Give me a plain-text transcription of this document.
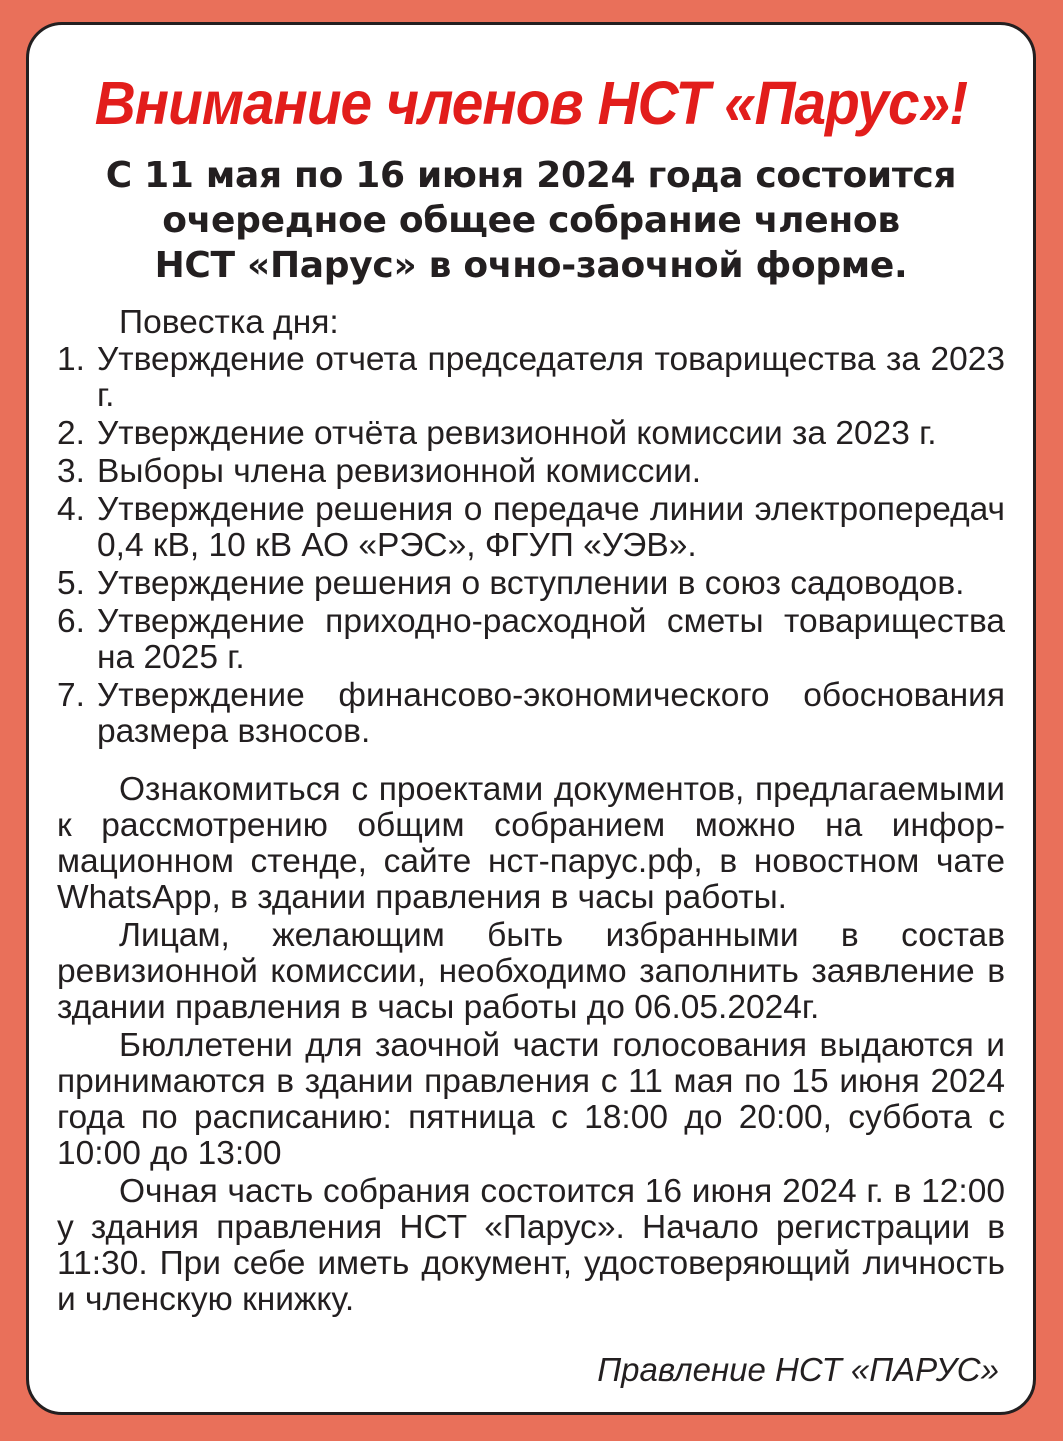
Внимание членов НСТ «Парус»!
С 11 мая по 16 июня 2024 года состоится
очередное общее собрание членов
НСТ «Парус» в очно-заочной форме.
Повестка дня:
1. Утверждение отчета председателя товарищества за 2023 г.
2. Утверждение отчёта ревизионной комиссии за 2023 г.
3. Выборы члена ревизионной комиссии.
4. Утверждение решения о передаче линии электропередач 0,4 кВ, 10 кВ АО «РЭС», ФГУП «УЭВ».
5. Утверждение решения о вступлении в союз садоводов.
6. Утверждение приходно-расходной сметы товарищества на 2025 г.
7. Утверждение финансово-экономического обоснования размера взносов.

Ознакомиться с проектами документов, предлагаемыми к рассмотрению общим собранием можно на информационном стенде, сайте нст-парус.рф, в новостном чате WhatsApp, в здании правления в часы работы.

Лицам, желающим быть избранными в состав ревизионной комиссии, необходимо заполнить заявление в здании правления в часы работы до 06.05.2024г.

Бюллетени для заочной части голосования выдаются и принимаются в здании правления с 11 мая по 15 июня 2024 года по расписанию: пятница с 18:00 до 20:00, суббота с 10:00 до 13:00

Очная часть собрания состоится 16 июня 2024 г. в 12:00 у здания правления НСТ «Парус». Начало регистрации в 11:30. При себе иметь документ, удостоверяющий личность и членскую книжку.

Правление НСТ «ПАРУС»
